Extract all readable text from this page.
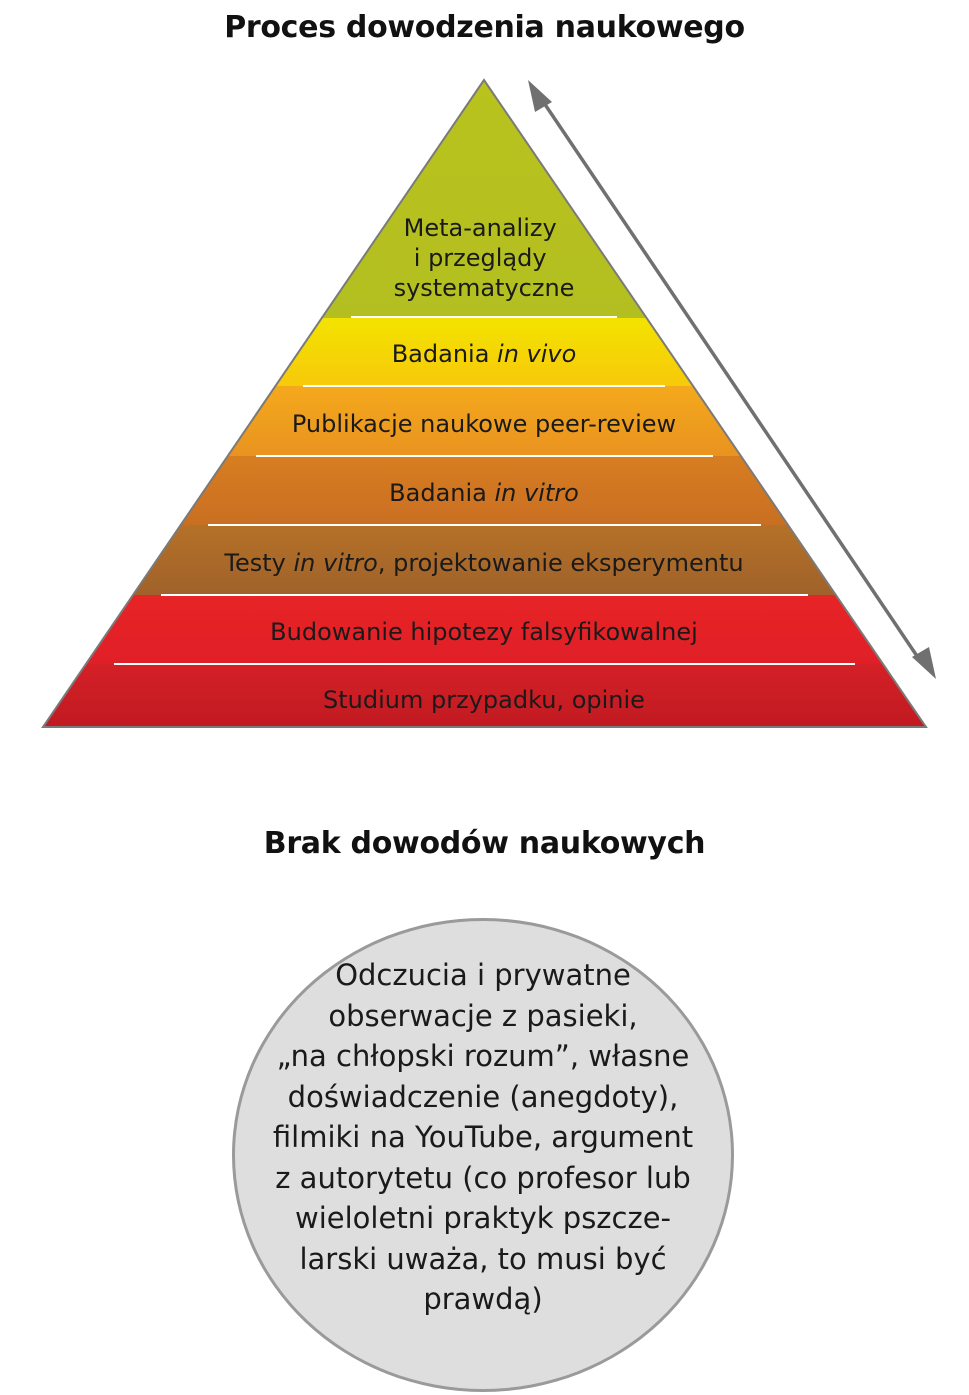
Proces dowodzenia naukowego
Meta-analizy i przeglądy systematyczne
Badania in vivo
Publikacje naukowe peer-review
Badania in vitro
Testy in vitro, projektowanie eksperymentu
Budowanie hipotezy falsyfikowalnej
Studium przypadku, opinie
Brak dowodów naukowych
Odczucia i prywatne
obserwacje z pasieki,
„na chłopski rozum”, własne
doświadczenie (anegdoty),
filmiki na YouTube, argument
z autorytetu (co profesor lub
wieloletni praktyk pszcze-
larski uważa, to musi być
prawdą)
